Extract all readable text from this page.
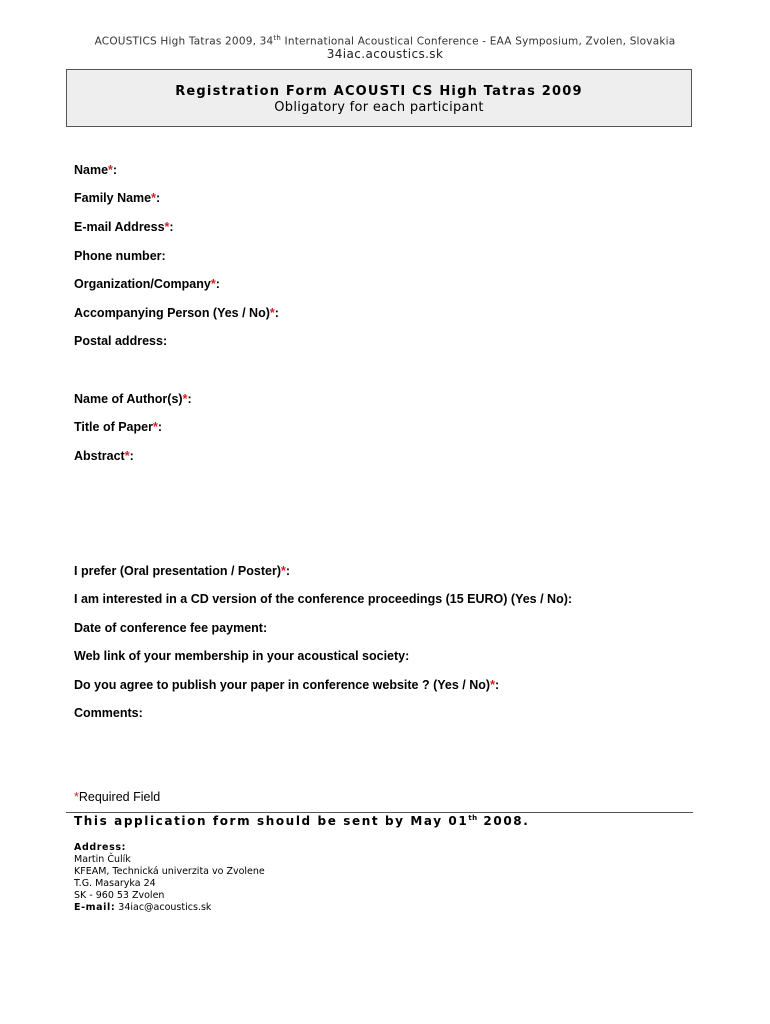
ACOUSTICS High Tatras 2009, 34th International Acoustical Conference - EAA Symposium, Zvolen, Slovakia
34iac.acoustics.sk
Registration Form ACOUSTI CS High Tatras 2009
Obligatory for each participant
Name*:
Family Name*:
E-mail Address*:
Phone number:
Organization/Company*:
Accompanying Person (Yes / No)*:
Postal address:
Name of Author(s)*:
Title of Paper*:
Abstract*:
I prefer (Oral presentation / Poster)*:
I am interested in a CD version of the conference proceedings (15 EURO) (Yes / No):
Date of conference fee payment:
Web link of your membership in your acoustical society:
Do you agree to publish your paper in conference website ? (Yes / No)*:
Comments:
*Required Field
This application form should be sent by May 01th 2008.
Address:
Martin Čulík
KFEAM, Technická univerzita vo Zvolene
T.G. Masaryka 24
SK - 960 53 Zvolen
E-mail: 34iac@acoustics.sk
